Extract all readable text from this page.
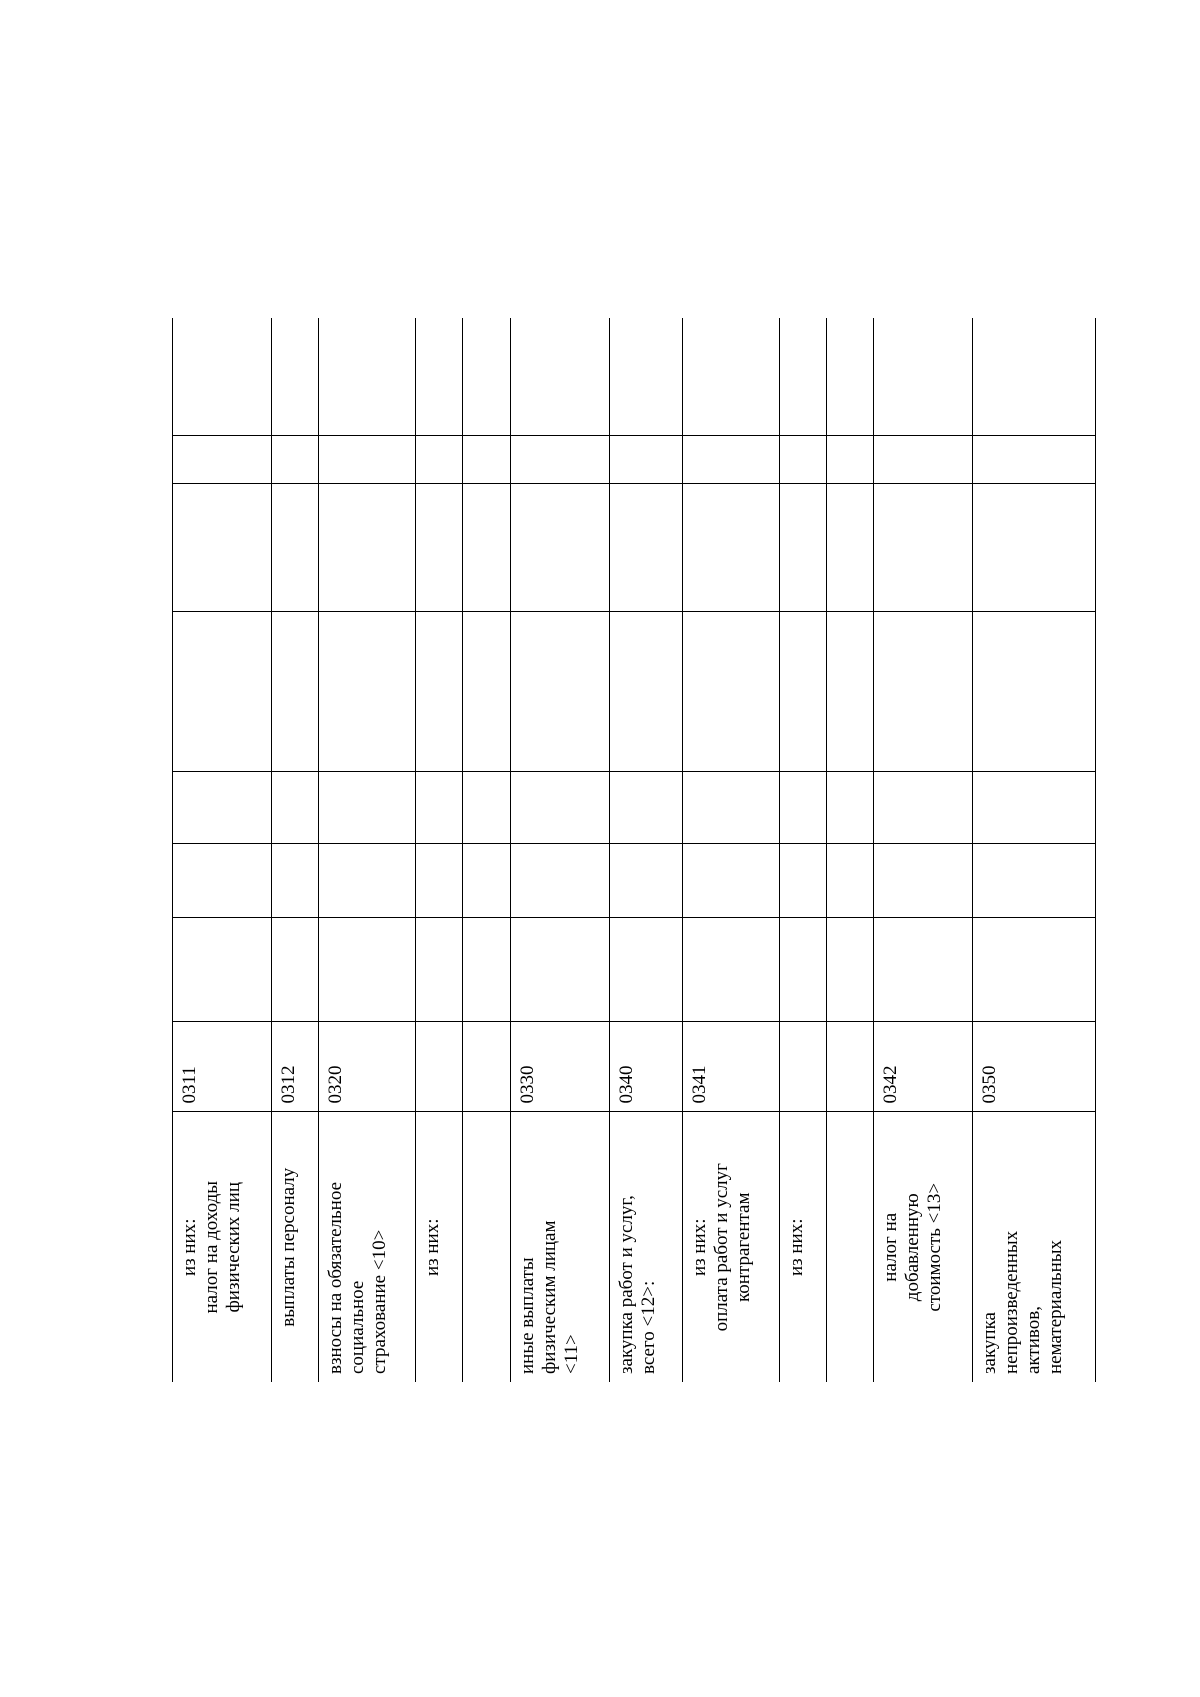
из них: налог на доходы физических лиц	0311							

выплаты персоналу	0312							

взносы на обязательное социальное страхование <10>	0320							

из них:								

иные выплаты физическим лицам <11>	0330							

закупка работ и услуг, всего <12>:	0340							

из них: оплата работ и услуг контрагентам	0341							

из них:								

налог на добавленную стоимость <13>	0342							

закупка непроизведенных активов, нематериальных	0350							
